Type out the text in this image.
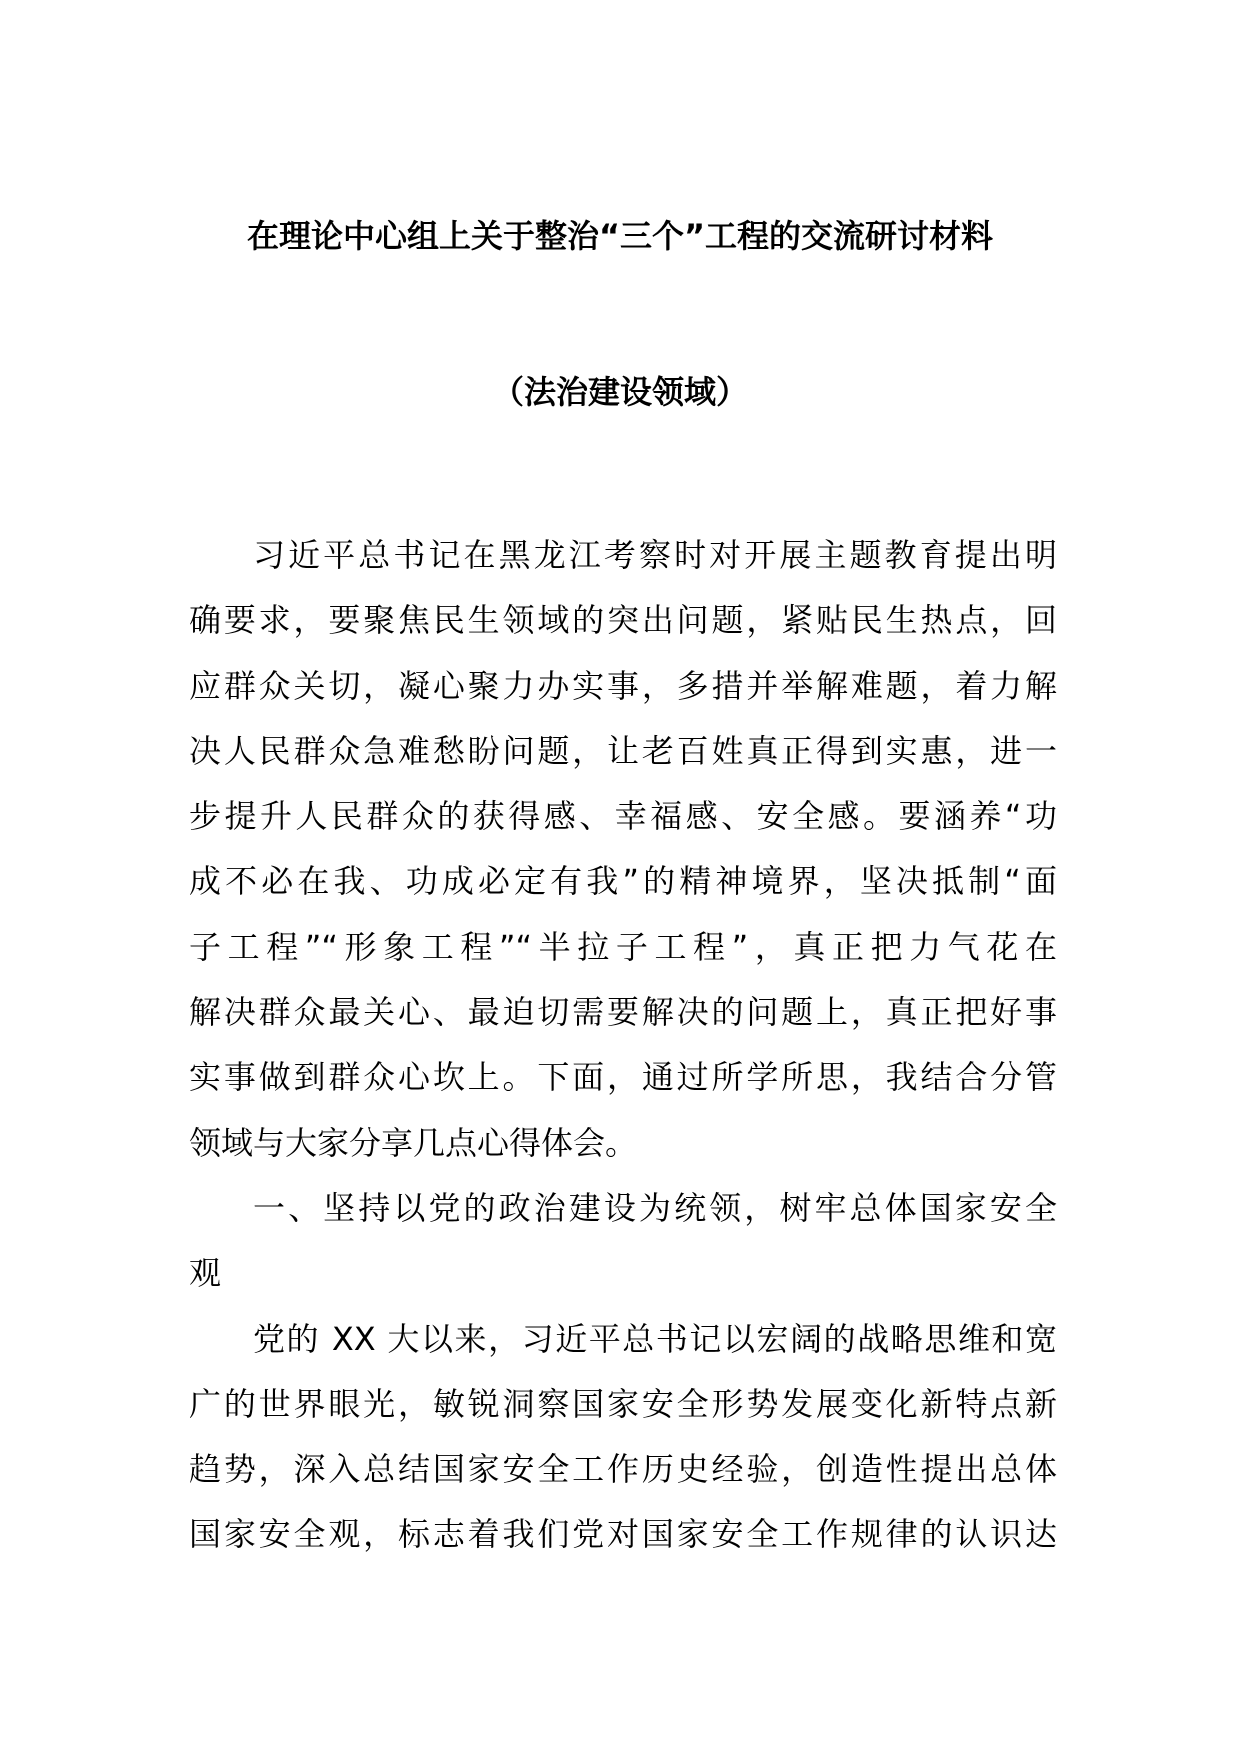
在理论中心组上关于整治“三个”工程的交流研讨材料
（法治建设领域）
习近平总书记在黑龙江考察时对开展主题教育提出明
确要求，要聚焦民生领域的突出问题，紧贴民生热点，回
应群众关切，凝心聚力办实事，多措并举解难题，着力解
决人民群众急难愁盼问题，让老百姓真正得到实惠，进一
步提升人民群众的获得感、幸福感、安全感。要涵养“功
成不必在我、功成必定有我”的精神境界，坚决抵制“面
子工程”“形象工程”“半拉子工程”，真正把力气花在
解决群众最关心、最迫切需要解决的问题上，真正把好事
实事做到群众心坎上。下面，通过所学所思，我结合分管
领域与大家分享几点心得体会。
一、坚持以党的政治建设为统领，树牢总体国家安全
观
党的 XX 大以来，习近平总书记以宏阔的战略思维和宽
广的世界眼光，敏锐洞察国家安全形势发展变化新特点新
趋势，深入总结国家安全工作历史经验，创造性提出总体
国家安全观，标志着我们党对国家安全工作规律的认识达
